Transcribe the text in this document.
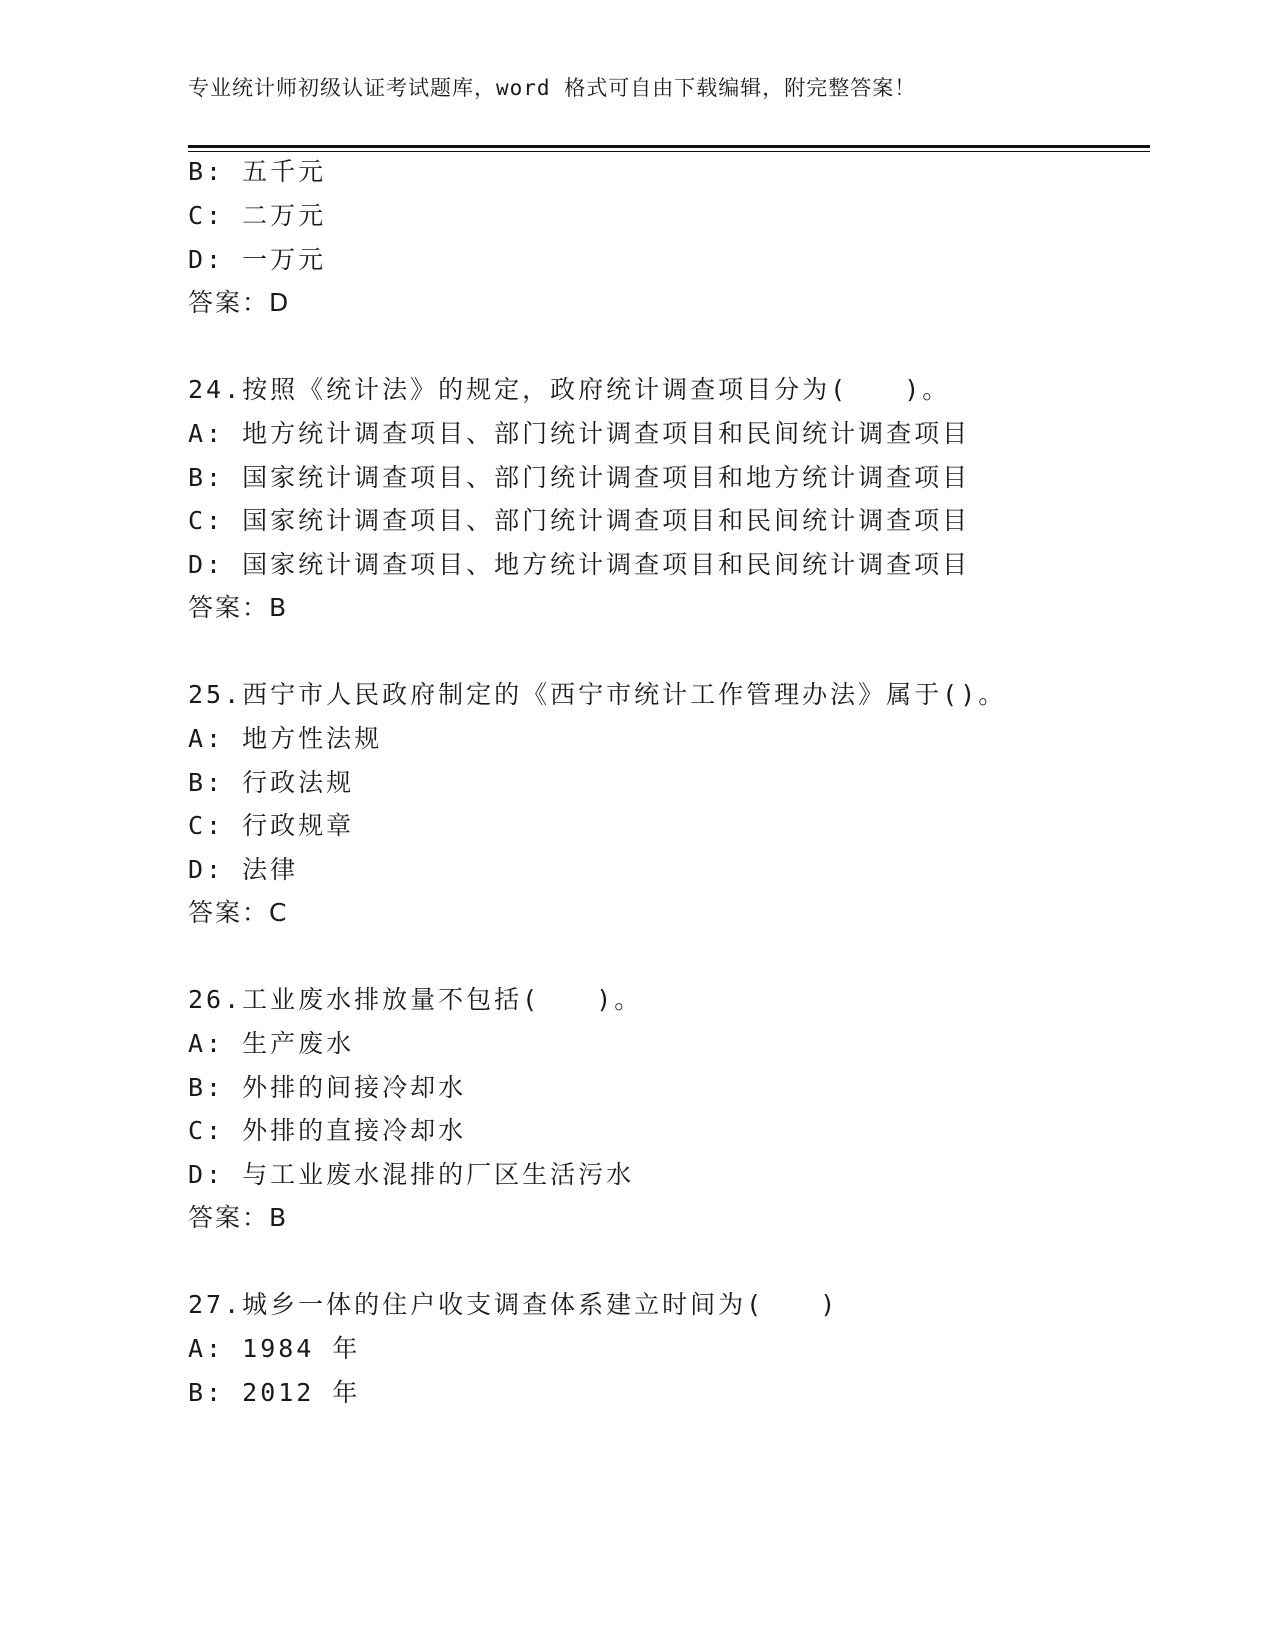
专业统计师初级认证考试题库，word 格式可自由下载编辑，附完整答案！
B: 五千元
C: 二万元
D: 一万元
答案：D
24.按照《统计法》的规定，政府统计调查项目分为(　　)。
A: 地方统计调查项目、部门统计调查项目和民间统计调查项目
B: 国家统计调查项目、部门统计调查项目和地方统计调查项目
C: 国家统计调查项目、部门统计调查项目和民间统计调查项目
D: 国家统计调查项目、地方统计调查项目和民间统计调查项目
答案：B
25.西宁市人民政府制定的《西宁市统计工作管理办法》属于()。
A: 地方性法规
B: 行政法规
C: 行政规章
D: 法律
答案：C
26.工业废水排放量不包括(　　)。
A: 生产废水
B: 外排的间接冷却水
C: 外排的直接冷却水
D: 与工业废水混排的厂区生活污水
答案：B
27.城乡一体的住户收支调查体系建立时间为(　　)
A: 1984 年
B: 2012 年
